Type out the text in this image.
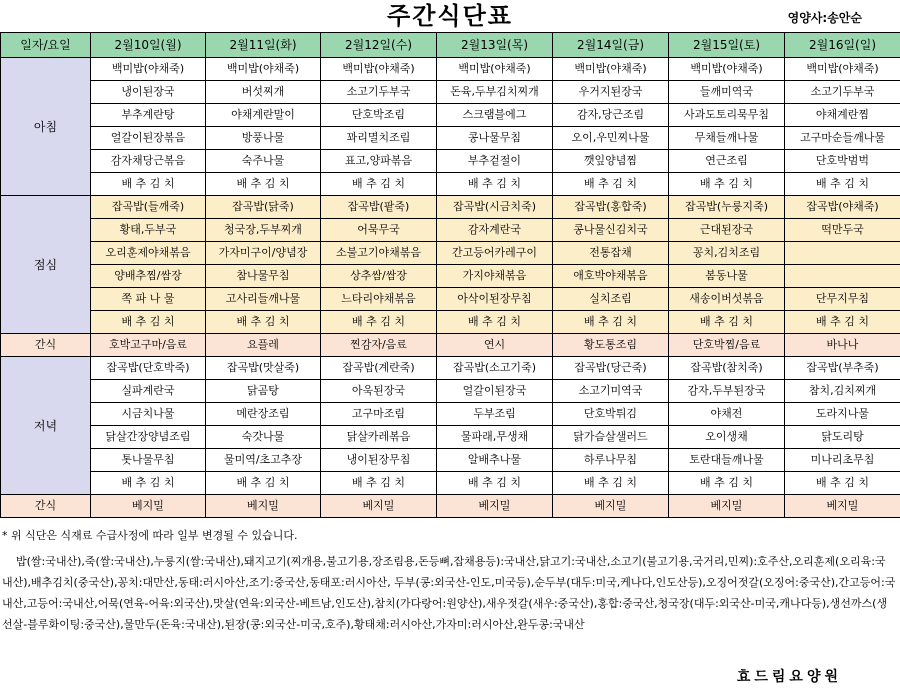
주간식단표	영양사:송안순
일자/요일	2월10일(월)	2월11일(화)	2월12일(수)	2월13일(목)	2월14일(금)	2월15일(토)	2월16일(일)
아침	백미밥(야채죽)	백미밥(야채죽)	백미밥(야채죽)	백미밥(야채죽)	백미밥(야채죽)	백미밥(야채죽)	백미밥(야채죽)
	냉이된장국	버섯찌개	소고기두부국	돈육,두부김치찌개	우거지된장국	들깨미역국	소고기두부국
	부추계란탕	야채계란말이	단호박조림	스크램블에그	감자,당근조림	사과도토리묵무침	야채계란찜
	얼갈이된장볶음	방풍나물	꽈리멸치조림	콩나물무침	오이,우민찌나물	무채들깨나물	고구마순들깨나물
	감자채당근볶음	숙주나물	표고,양파볶음	부추겉절이	깻잎양념찜	연근조림	단호박범벅
	배 추 김 치	배 추 김 치	배 추 김 치	배 추 김 치	배 추 김 치	배 추 김 치	배 추 김 치
점심	잡곡밥(들깨죽)	잡곡밥(닭죽)	잡곡밥(팥죽)	잡곡밥(시금치죽)	잡곡밥(홍합죽)	잡곡밥(누룽지죽)	잡곡밥(야채죽)
	황태,두부국	청국장,두부찌개	어묵무국	감자계란국	콩나물신김치국	근대된장국	떡만두국
	오리훈제야채볶음	가자미구이/양념장	소불고기야채볶음	간고등어카레구이	전통잡채	꽁치,김치조림	
	양배추찜/쌈장	참나물무침	상추쌈/쌈장	가지야채볶음	애호박야채볶음	봄동나물	
	쪽 파 나 물	고사리들깨나물	느타리야채볶음	아삭이된장무침	실치조림	새송이버섯볶음	단무지무침
	배 추 김 치	배 추 김 치	배 추 김 치	배 추 김 치	배 추 김 치	배 추 김 치	배 추 김 치
간식	호박고구마/음료	요플레	찐감자/음료	연시	황도통조림	단호박찜/음료	바나나
저녁	잡곡밥(단호박죽)	잡곡밥(맛살죽)	잡곡밥(계란죽)	잡곡밥(소고기죽)	잡곡밥(당근죽)	잡곡밥(참치죽)	잡곡밥(부추죽)
	실파계란국	닭곰탕	아욱된장국	얼갈이된장국	소고기미역국	감자,두부된장국	참치,김치찌개
	시금치나물	메란장조림	고구마조림	두부조림	단호박튀김	야채전	도라지나물
	닭살간장양념조림	숙갓나물	닭살카레볶음	물파래,무생채	닭가슴살샐러드	오이생채	닭도리탕
	톳나물무침	물미역/초고추장	냉이된장무침	알배추나물	하루나무침	토란대들깨나물	미나리초무침
	배 추 김 치	배 추 김 치	배 추 김 치	배 추 김 치	배 추 김 치	배 추 김 치	배 추 김 치
간식	베지밀	베지밀	베지밀	베지밀	베지밀	베지밀	베지밀
* 위 식단은 식재료 수급사정에 따라 일부 변경될 수 있습니다.
밥(쌀:국내산),죽(쌀:국내산),누룽지(쌀:국내산),돼지고기(찌개용,불고기용,장조림용,돈등뼈,잡채용등):국내산,닭고기:국내산,소고기(불고기용,국거리,민찌):호주산,오리훈제(오리육:국내산),배추김치(중국산),꽁치:대만산,동태:러시아산,조기:중국산,동태포:러시아산, 두부(콩:외국산-인도,미국등),순두부(대두:미국,케나다,인도산등),오징어젓갈(오징어:중국산),간고등어:국내산,고등어:국내산,어묵(연육-어육:외국산),맛살(연육:외국산-베트남,인도산),참치(가다랑어:원양산),새우젓갈(새우:중국산),홍합:중국산,청국장(대두:외국산-미국,캐나다등),생선까스(생선살-블루화이팅:중국산),물만두(돈육:국내산),된장(콩:외국산-미국,호주),황태채:러시아산,가자미:러시아산,완두콩:국내산
효드림요양원
